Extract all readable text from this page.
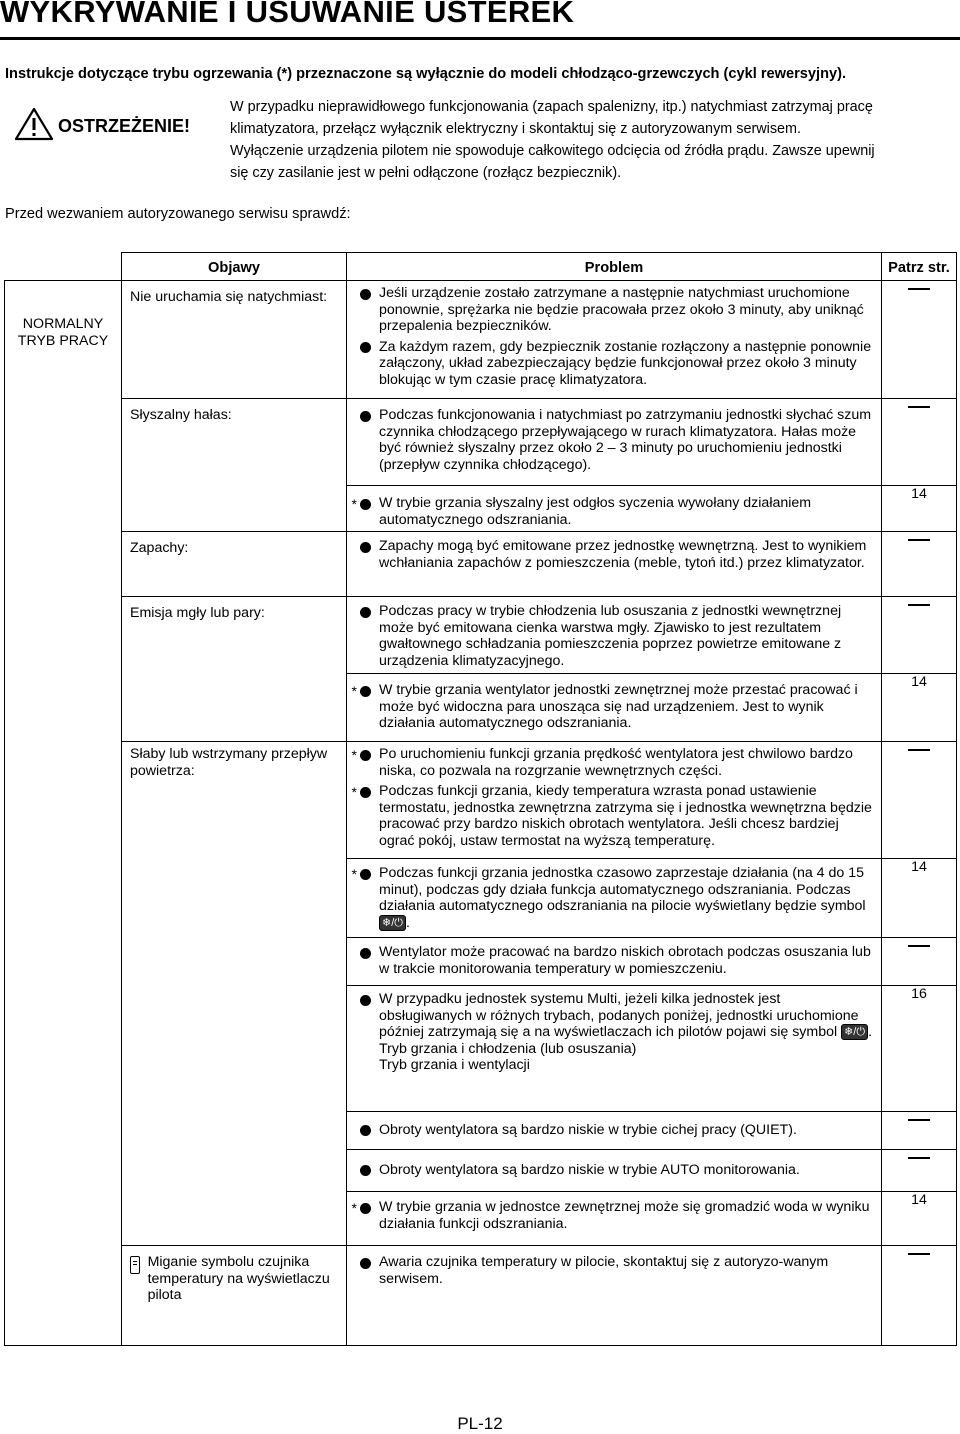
WYKRYWANIE I USUWANIE USTEREK
Instrukcje dotyczące trybu ogrzewania (*) przeznaczone są wyłącznie do modeli chłodząco-grzewczych (cykl rewersyjny).
OSTRZEŻENIE!
W przypadku nieprawidłowego funkcjonowania (zapach spalenizny, itp.) natychmiast zatrzymaj pracę
klimatyzatora, przełącz wyłącznik elektryczny i skontaktuj się z autoryzowanym serwisem.
Wyłączenie urządzenia pilotem nie spowoduje całkowitego odcięcia od źródła prądu. Zawsze upewnij
się czy zasilanie jest w pełni odłączone (rozłącz bezpiecznik).
Przed wezwaniem autoryzowanego serwisu sprawdź:
	Objawy	Problem	Patrz str.
NORMALNY TRYB PRACY	Nie uruchamia się natychmiast:	Jeśli urządzenie zostało zatrzymane a następnie natychmiast uruchomione ponownie, sprężarka nie będzie pracowała przez około 3 minuty, aby uniknąć przepalenia bezpieczników.
Za każdym razem, gdy bezpiecznik zostanie rozłączony a następnie ponownie załączony, układ zabezpieczający będzie funkcjonował przez około 3 minuty blokując w tym czasie pracę klimatyzatora.	

	Słyszalny hałas:	Podczas funkcjonowania i natychmiast po zatrzymaniu jednostki słychać szum czynnika chłodzącego przepływającego w rurach klimatyzatora. Hałas może być również słyszalny przez około 2 – 3 minuty po uruchomieniu jednostki (przepływ czynnika chłodzącego).	

		* W trybie grzania słyszalny jest odgłos syczenia wywołany działaniem automatycznego odszraniania.	14
	Zapachy:	Zapachy mogą być emitowane przez jednostkę wewnętrzną. Jest to wynikiem wchłaniania zapachów z pomieszczenia (meble, tytoń itd.) przez klimatyzator.	

	Emisja mgły lub pary:	Podczas pracy w trybie chłodzenia lub osuszania z jednostki wewnętrznej może być emitowana cienka warstwa mgły. Zjawisko to jest rezultatem gwałtownego schładzania pomieszczenia poprzez powietrze emitowane z urządzenia klimatyzacyjnego.	

		* W trybie grzania wentylator jednostki zewnętrznej może przestać pracować i może być widoczna para unosząca się nad urządzeniem. Jest to wynik działania automatycznego odszraniania.	14
	Słaby lub wstrzymany przepływ powietrza:	* Po uruchomieniu funkcji grzania prędkość wentylatora jest chwilowo bardzo niska, co pozwala na rozgrzanie wewnętrznych części.
* Podczas funkcji grzania, kiedy temperatura wzrasta ponad ustawienie termostatu, jednostka zewnętrzna zatrzyma się i jednostka wewnętrzna będzie pracować przy bardzo niskich obrotach wentylatora. Jeśli chcesz bardziej ograć pokój, ustaw termostat na wyższą temperaturę.	

		* Podczas funkcji grzania jednostka czasowo zaprzestaje działania (na 4 do 15 minut), podczas gdy działa funkcja automatycznego odszraniania. Podczas działania automatycznego odszraniania na pilocie wyświetlany będzie symbol ❄/⏻ .	14

		Wentylator może pracować na bardzo niskich obrotach podczas osuszania lub w trakcie monitorowania temperatury w pomieszczeniu.	

		W przypadku jednostek systemu Multi, jeżeli kilka jednostek jest obsługiwanych w różnych trybach, podanych poniżej, jednostki uruchomione później zatrzymają się a na wyświetlaczach ich pilotów pojawi się symbol ❄/⏻ .
Tryb grzania i chłodzenia (lub osuszania)
Tryb grzania i wentylacji	16

		Obroty wentylatora są bardzo niskie w trybie cichej pracy (QUIET).	

		Obroty wentylatora są bardzo niskie w trybie AUTO monitorowania.	

		* W trybie grzania w jednostce zewnętrznej może się gromadzić woda w wyniku działania funkcji odszraniania.	14

	Miganie symbolu czujnika temperatury na wyświetlaczu pilota	Awaria czujnika temperatury w pilocie, skontaktuj się z autoryzo-wanym serwisem.	

PL-12
